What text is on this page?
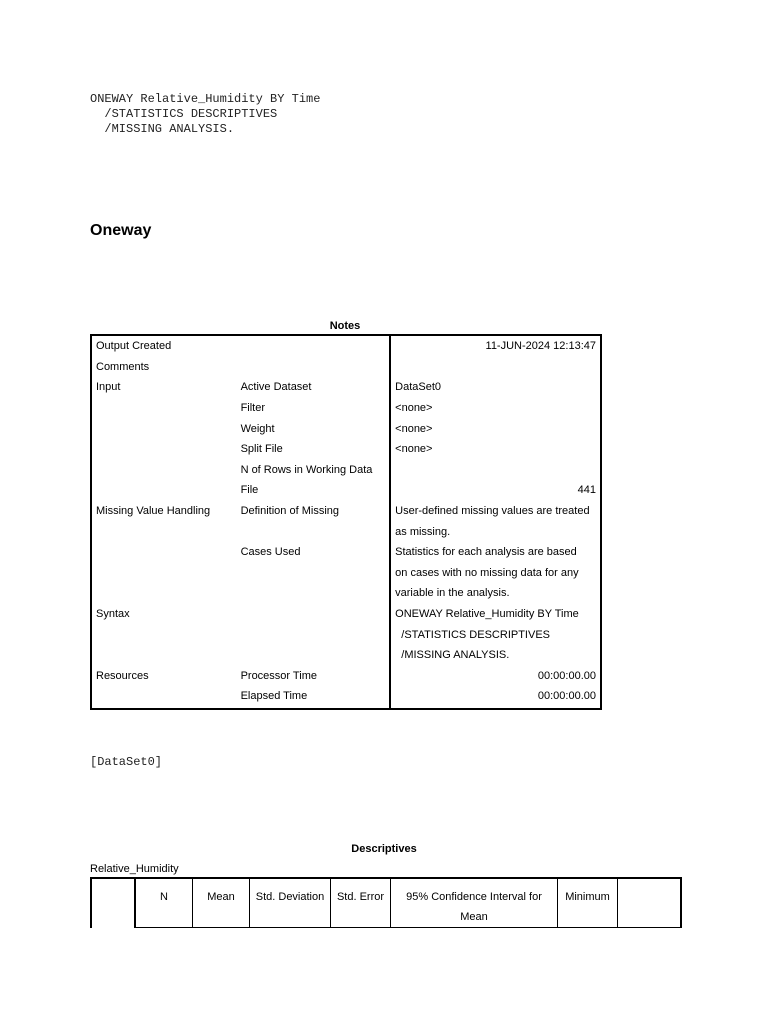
ONEWAY Relative_Humidity BY Time
/STATISTICS DESCRIPTIVES
/MISSING ANALYSIS.
Oneway
Notes
Output Created		11-JUN-2024 12:13:47
Comments		
Input	Active Dataset	DataSet0
	Filter	<none>
	Weight	<none>
	Split File	<none>
	N of Rows in Working Data	
	File	441
Missing Value Handling	Definition of Missing	User-defined missing values are treated
		as missing.
	Cases Used	Statistics for each analysis are based
		on cases with no missing data for any
		variable in the analysis.
Syntax		ONEWAY Relative_Humidity BY Time
		/STATISTICS DESCRIPTIVES
		/MISSING ANALYSIS.
Resources	Processor Time	00:00:00.00
	Elapsed Time	00:00:00.00
[DataSet0]
Descriptives
Relative_Humidity
	N	Mean	Std. Deviation	Std. Error	95% Confidence Interval for Mean	Minimum	
